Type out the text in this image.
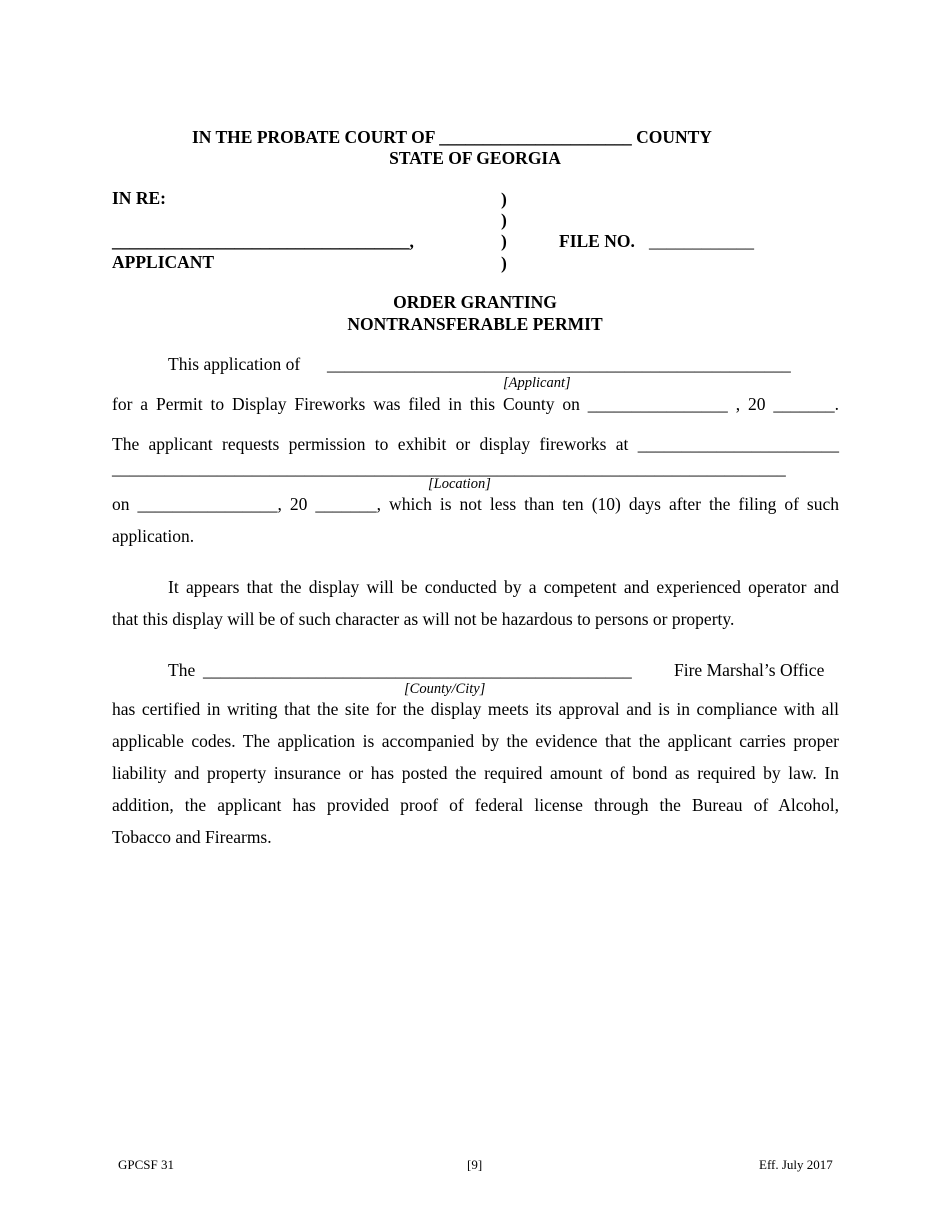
IN THE PROBATE COURT OF ______________________ COUNTY
STATE OF GEORGIA
IN RE:	)
)
__________________________________,	)	FILE NO. ____________
APPLICANT	)
ORDER GRANTING
NONTRANSFERABLE PERMIT
This application of _____________________________________________________
[Applicant]
for a Permit to Display Fireworks was filed in this County on ________________ , 20 _______.
The applicant requests permission to exhibit or display fireworks at _______________________
_____________________________________________________________________________
[Location]
on ________________, 20 _______, which is not less than ten (10) days after the filing of such
application.
It appears that the display will be conducted by a competent and experienced operator and
that this display will be of such character as will not be hazardous to persons or property.
The _________________________________________________ Fire Marshal’s Office
[County/City]
has certified in writing that the site for the display meets its approval and is in compliance with all
applicable codes. The application is accompanied by the evidence that the applicant carries proper
liability and property insurance or has posted the required amount of bond as required by law. In
addition, the applicant has provided proof of federal license through the Bureau of Alcohol,
Tobacco and Firearms.
GPCSF 31	[9]	Eff. July 2017
